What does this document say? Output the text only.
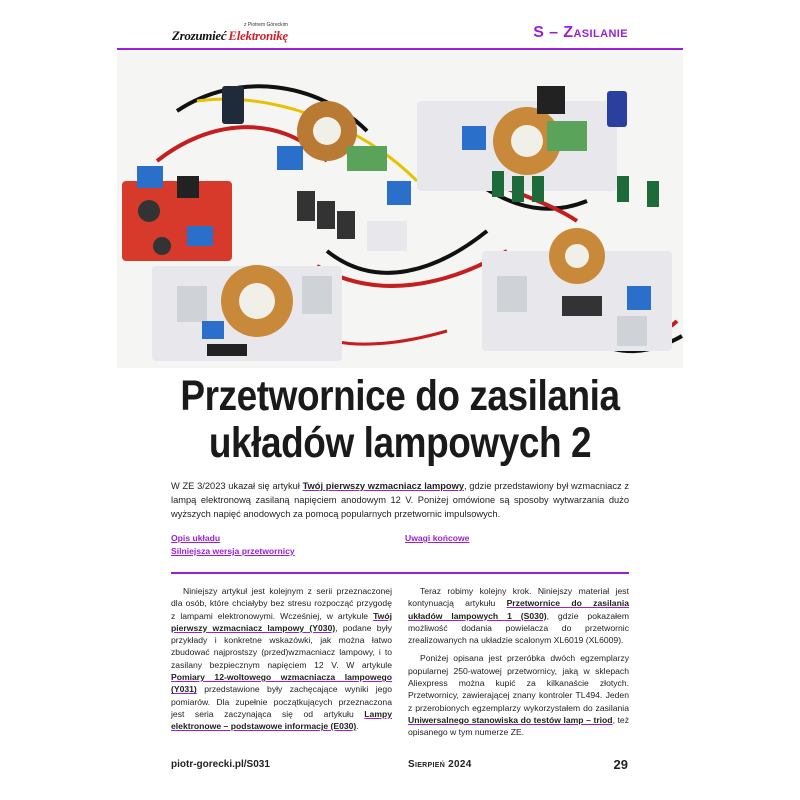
Zrozumieć Elektronikę
z Piotrem Góreckim	S – Zasilanie
Przetwornice do zasilania
układów lampowych 2
W ZE 3/2023 ukazał się artykuł Twój pierwszy wzmacniacz lampowy, gdzie przedstawiony był wzmacniacz z lampą elektronową zasilaną napięciem anodowym 12 V. Poniżej omówione są sposoby wytwarzania dużo wyższych napięć anodowych za pomocą popularnych przetwornic impulsowych.
Opis układu
Silniejsza wersja przetwornicy
Uwagi końcowe

Niniejszy artykuł jest kolejnym z serii przeznaczonej dla osób, które chciałyby bez stresu rozpocząć przygodę z lampami elektronowymi. Wcześniej, w artykule Twój pierwszy wzmacniacz lampowy (Y030), podane były przykłady i konkretne wskazówki, jak można łatwo zbudować najprostszy (przed)wzmacniacz lampowy, i to zasilany bezpiecznym napięciem 12 V. W artykule Pomiary 12-woltowego wzmacniacza lampowego (Y031) przedstawione były zachęcające wyniki jego pomiarów. Dla zupełnie początkujących przeznaczona jest seria zaczynająca się od artykułu Lampy elektronowe – podstawowe informacje (E030).

Teraz robimy kolejny krok. Niniejszy materiał jest kontynuacją artykułu Przetwornice do zasilania układów lampowych 1 (S030), gdzie pokazałem możliwość dodania powielacza do przetwornic zrealizowanych na układzie scalonym XL6019 (XL6009).

Poniżej opisana jest przeróbka dwóch egzemplarzy popularnej 250-watowej przetwornicy, jaką w sklepach Aliexpress można kupić za kilkanaście złotych. Przetwornicy, zawierającej znany kontroler TL494. Jeden z przerobionych egzemplarzy wykorzystałem do zasilania Uniwersalnego stanowiska do testów lamp – triod, też opisanego w tym numerze ZE.

piotr-gorecki.pl/S031	Sierpień 2024	29
